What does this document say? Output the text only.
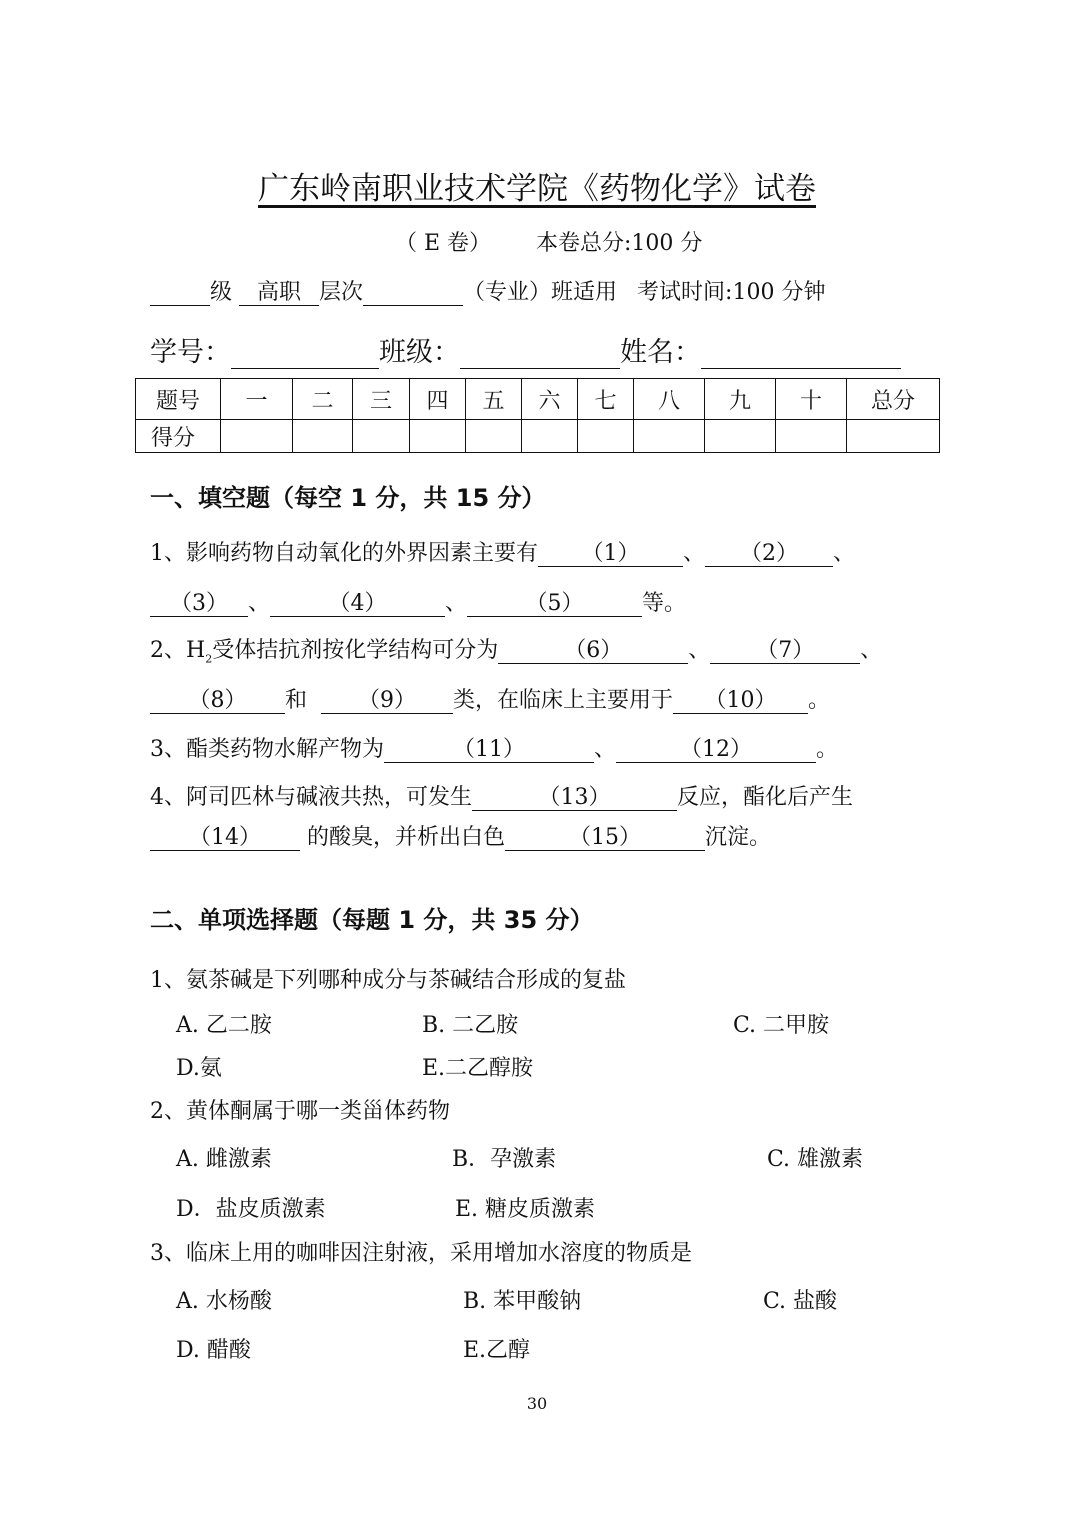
广东岭南职业技术学院《药物化学》试卷
（ E 卷） 本卷总分:100 分
级 高职 层次	（专业）班适用 考试时间:100 分钟
学号：	班级：	姓名：
题号	一	二	三	四	五	六	七	八	九	十	总分
得分											
一、填空题（每空 1 分，共 15 分）
1、影响药物自动氧化的外界因素主要有 （1） 、 （2） 、
（3） 、	（4）	、	（5）	等。
2、$H_2$受体拮抗剂按化学结构可分为	（6）	、 （7） 、
（8） 和 （9） 类，在临床上主要用于 （10） 。
3、酯类药物水解产物为	（11）	、	（12）	。
4、阿司匹林与碱液共热，可发生	（13）	反应，酯化后产生
（14） 的酸臭，并析出白色	（15）	沉淀。
二、单项选择题（每题 1 分，共 35 分）
1、氨茶碱是下列哪种成分与茶碱结合形成的复盐
A. 乙二胺	B. 二乙胺	C. 二甲胺
D.氨	E.二乙醇胺
2、黄体酮属于哪一类甾体药物
A. 雌激素	B．孕激素	C. 雄激素
D．盐皮质激素	E. 糖皮质激素
3、临床上用的咖啡因注射液，采用增加水溶度的物质是
A. 水杨酸	B. 苯甲酸钠	C. 盐酸
D. 醋酸	E.乙醇
30
